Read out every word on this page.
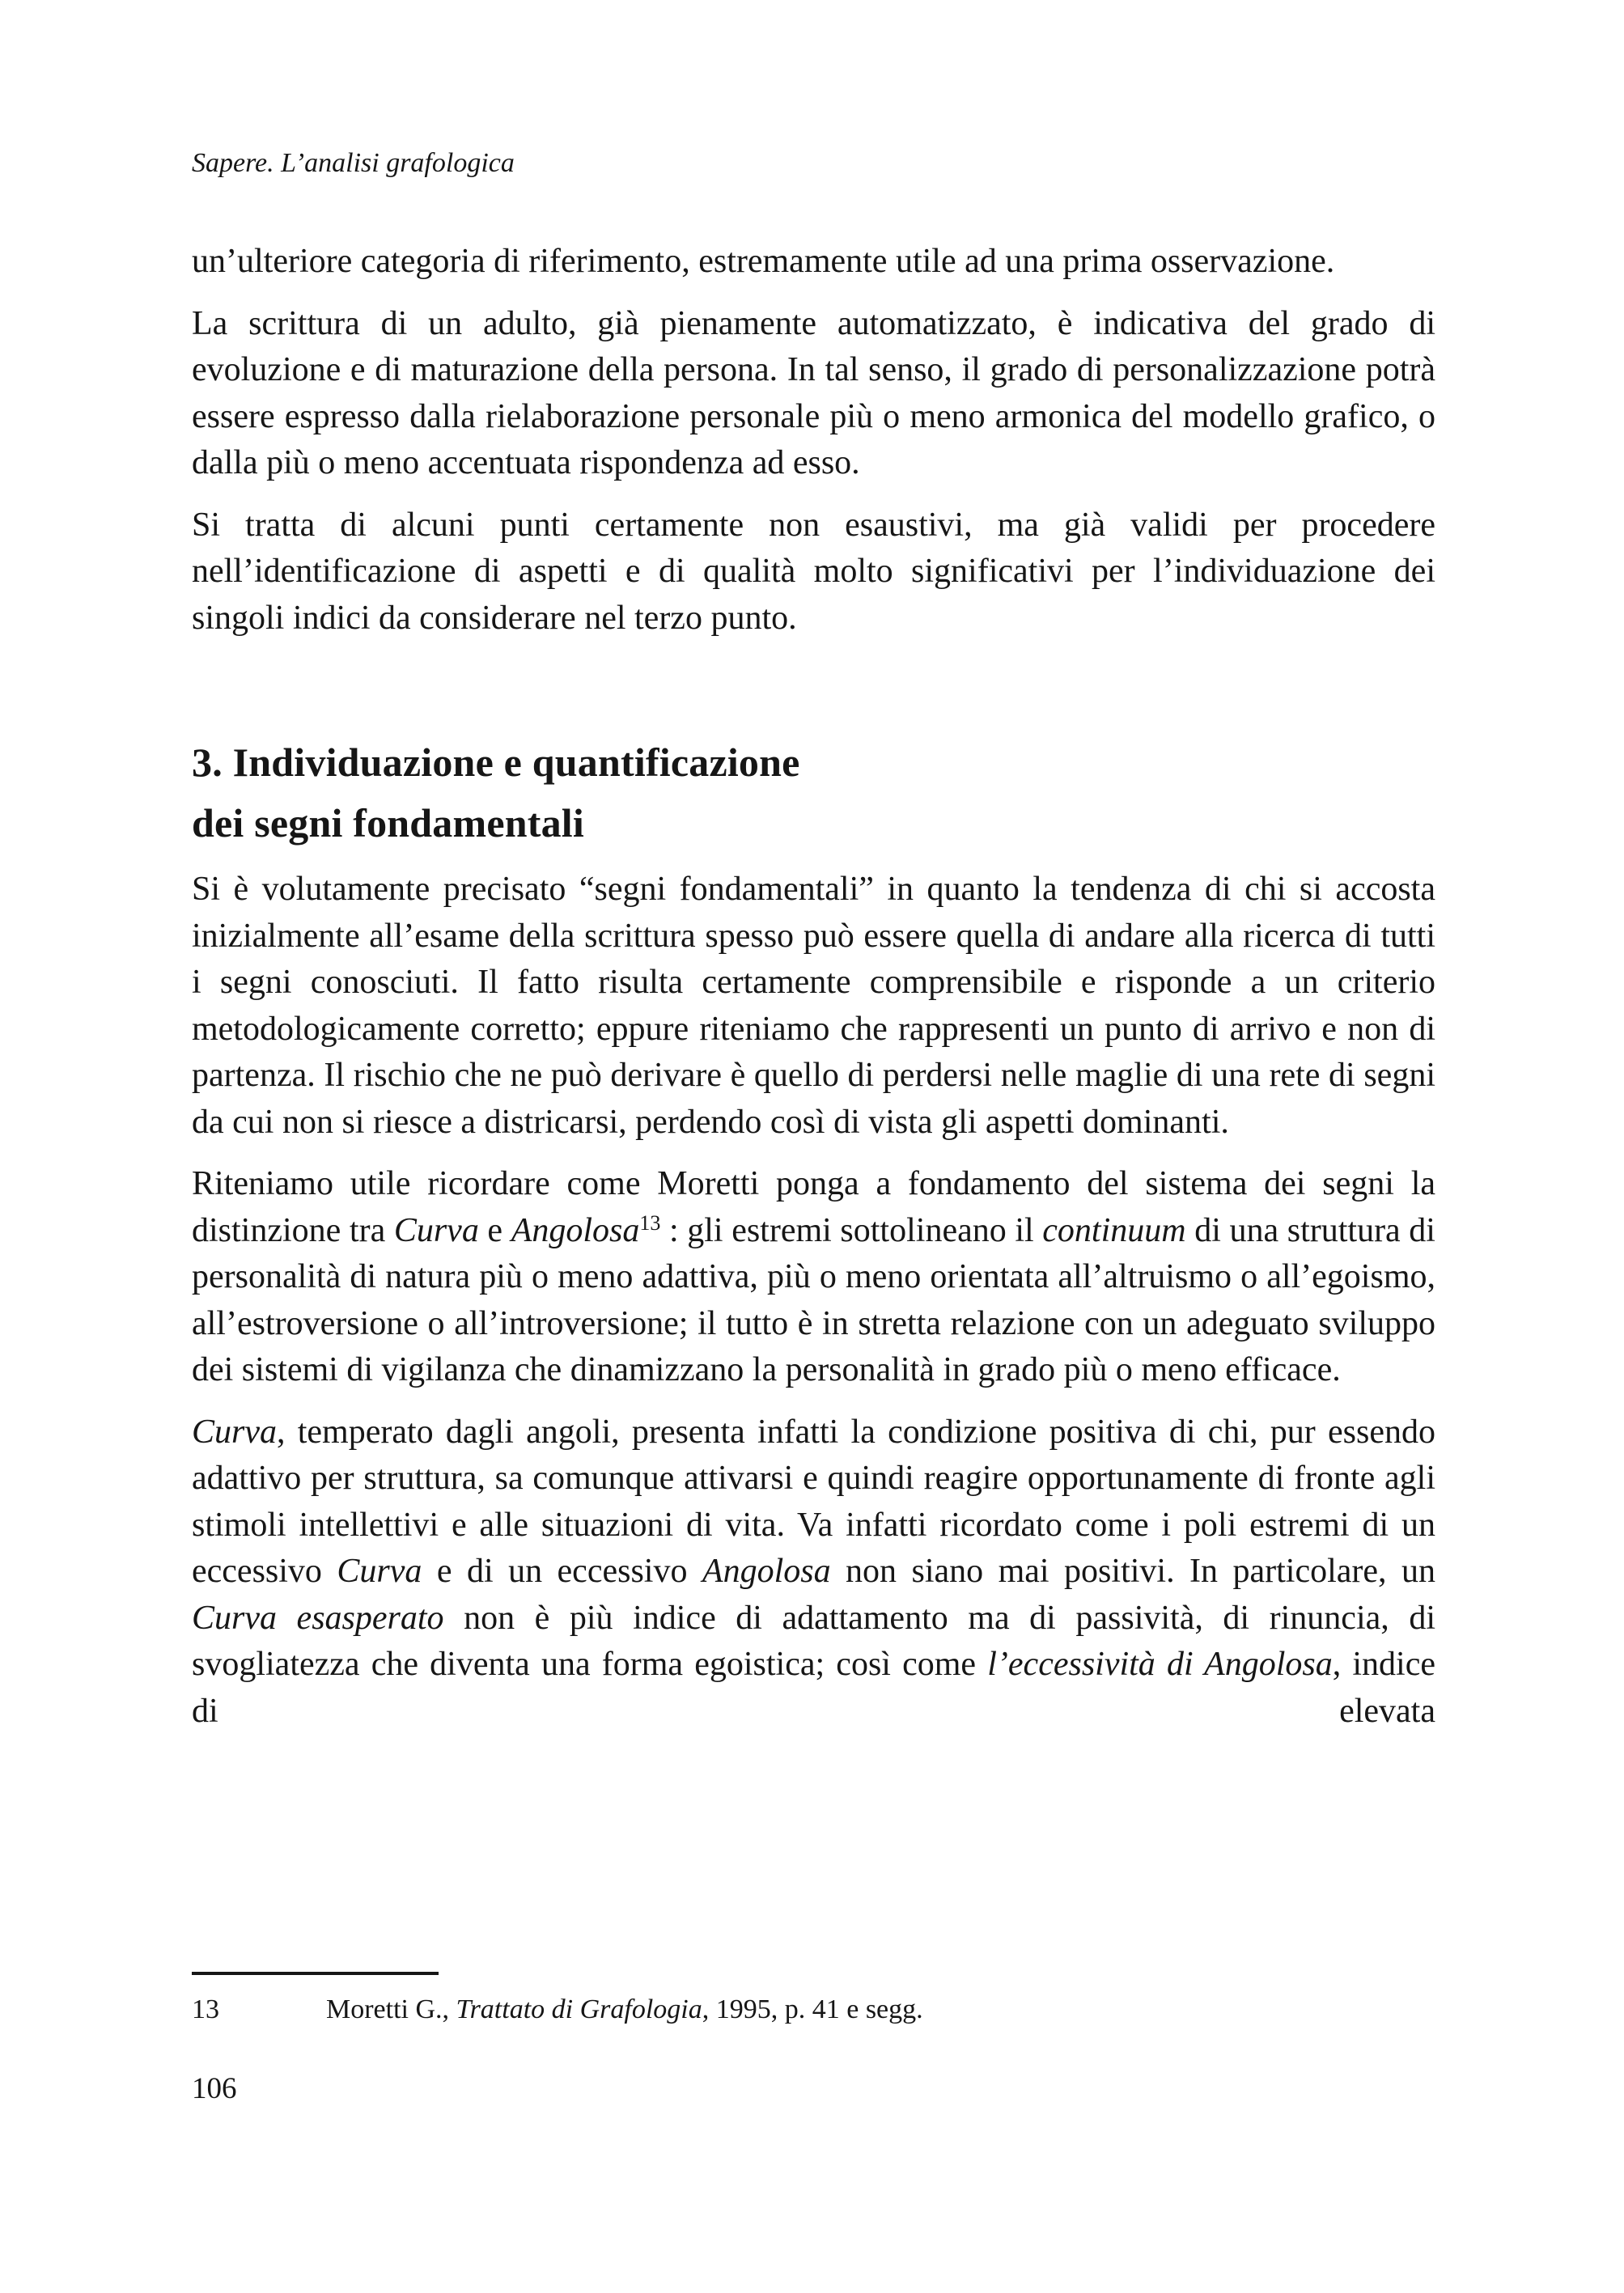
Sapere. L’analisi grafologica

un’ulteriore categoria di riferimento, estremamente utile ad una prima osservazione.

La scrittura di un adulto, già pienamente automatizzato, è indicativa del grado di evoluzione e di maturazione della persona. In tal senso, il grado di personalizzazione potrà essere espresso dalla rielaborazione personale più o meno armonica del modello grafico, o dalla più o meno accentuata rispondenza ad esso.

Si tratta di alcuni punti certamente non esaustivi, ma già validi per procedere nell’identificazione di aspetti e di qualità molto significativi per l’individuazione dei singoli indici da considerare nel terzo punto.

3. Individuazione e quantificazione
dei segni fondamentali

Si è volutamente precisato “segni fondamentali” in quanto la tendenza di chi si accosta inizialmente all’esame della scrittura spesso può essere quella di andare alla ricerca di tutti i segni conosciuti. Il fatto risulta certamente comprensibile e risponde a un criterio metodologicamente corretto; eppure riteniamo che rappresenti un punto di arrivo e non di partenza. Il rischio che ne può derivare è quello di perdersi nelle maglie di una rete di segni da cui non si riesce a districarsi, perdendo così di vista gli aspetti dominanti.

Riteniamo utile ricordare come Moretti ponga a fondamento del sistema dei segni la distinzione tra Curva e Angolosa$^{13}$ : gli estremi sottolineano il continuum di una struttura di personalità di natura più o meno adattiva, più o meno orientata all’altruismo o all’egoismo, all’estroversione o all’introversione; il tutto è in stretta relazione con un adeguato sviluppo dei sistemi di vigilanza che dinamizzano la personalità in grado più o meno efficace.

Curva, temperato dagli angoli, presenta infatti la condizione positiva di chi, pur essendo adattivo per struttura, sa comunque attivarsi e quindi reagire opportunamente di fronte agli stimoli intellettivi e alle situazioni di vita. Va infatti ricordato come i poli estremi di un eccessivo Curva e di un eccessivo Angolosa non siano mai positivi. In particolare, un Curva esasperato non è più indice di adattamento ma di passività, di rinuncia, di svogliatezza che diventa una forma egoistica; così come l’eccessività di Angolosa, indice di elevata

13	Moretti G., Trattato di Grafologia, 1995, p. 41 e segg.
106
